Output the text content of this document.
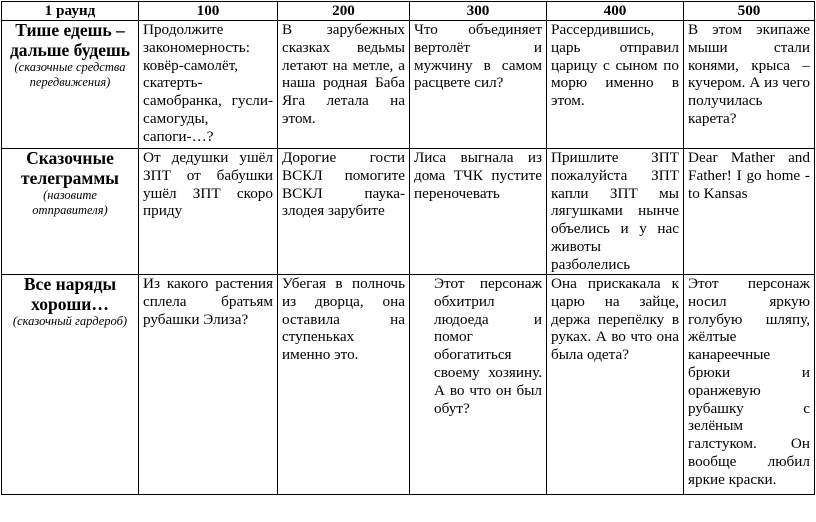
1 раунд	100	200	300	400	500

Тише едешь – дальше будешь
(сказочные средства передвижения)	Продолжите закономерность: ковёр-самолёт, скатерть-самобранка, гусли-самогуды, сапоги-…?	В зарубежных сказках ведьмы летают на метле, а наша родная Баба Яга летала на этом.	Что объединяет вертолёт и мужчину в самом расцвете сил?	Рассердившись, царь отправил царицу с сыном по морю именно в этом.	В этом экипаже мыши стали конями, крыса – кучером. А из чего получилась карета?

Сказочные телеграммы
(назовите отправителя)	От дедушки ушёл ЗПТ от бабушки ушёл ЗПТ скоро приду	Дорогие гости ВСКЛ помогите ВСКЛ паука-злодея зарубите	Лиса выгнала из дома ТЧК пустите переночевать	Пришлите ЗПТ пожалуйста ЗПТ капли ЗПТ мы лягушками нынче объелись и у нас животы разболелись	Dear Mather and Father! I go home - to Kansas

Все наряды хороши…
(сказочный гардероб)	Из какого растения сплела братьям рубашки Элиза?	Убегая в полночь из дворца, она оставила на ступеньках именно это.	Этот персонаж обхитрил людоеда и помог обогатиться своему хозяину. А во что он был обут?	Она прискакала к царю на зайце, держа перепёлку в руках. А во что она была одета?	Этот персонаж носил яркую голубую шляпу, жёлтые канареечные брюки и оранжевую рубашку с зелёным галстуком. Он вообще любил яркие краски.
